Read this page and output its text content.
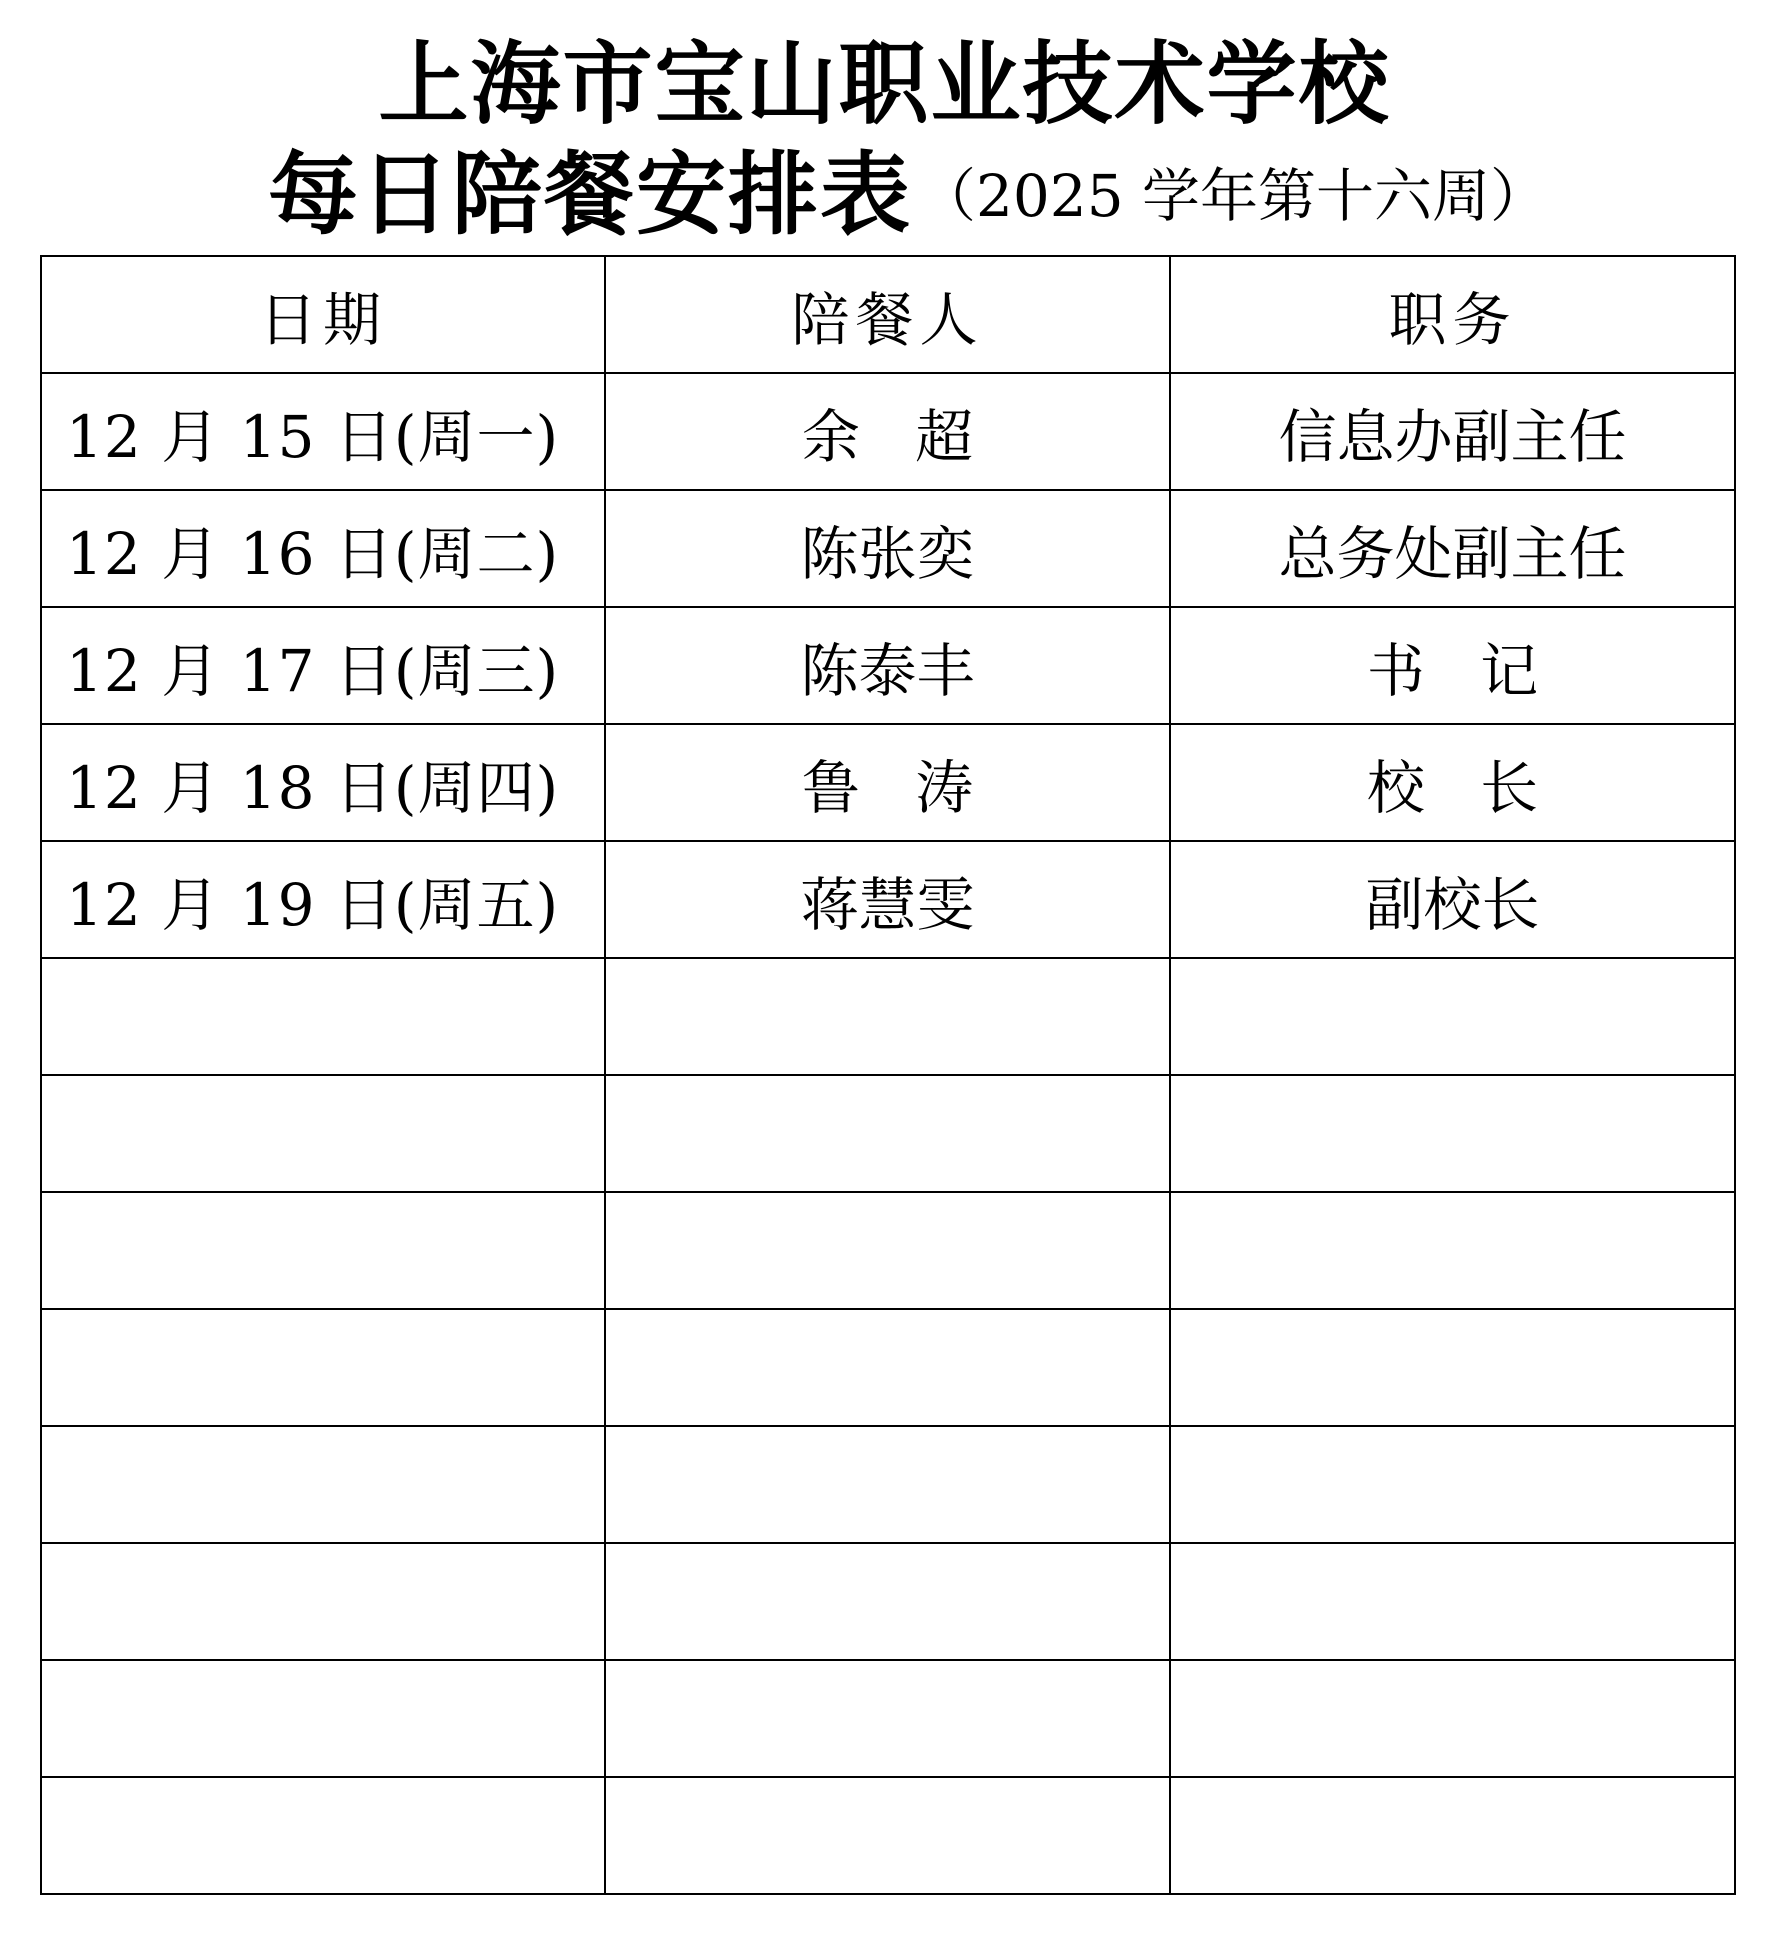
上海市宝山职业技术学校
每日陪餐安排表 （2025 学年第十六周）
日期	陪餐人	职务
12 月 15 日(周一)	余   超	信息办副主任
12 月 16 日(周二)	陈张奕	总务处副主任
12 月 17 日(周三)	陈泰丰	书   记
12 月 18 日(周四)	鲁   涛	校   长
12 月 19 日(周五)	蒋慧雯	副校长
